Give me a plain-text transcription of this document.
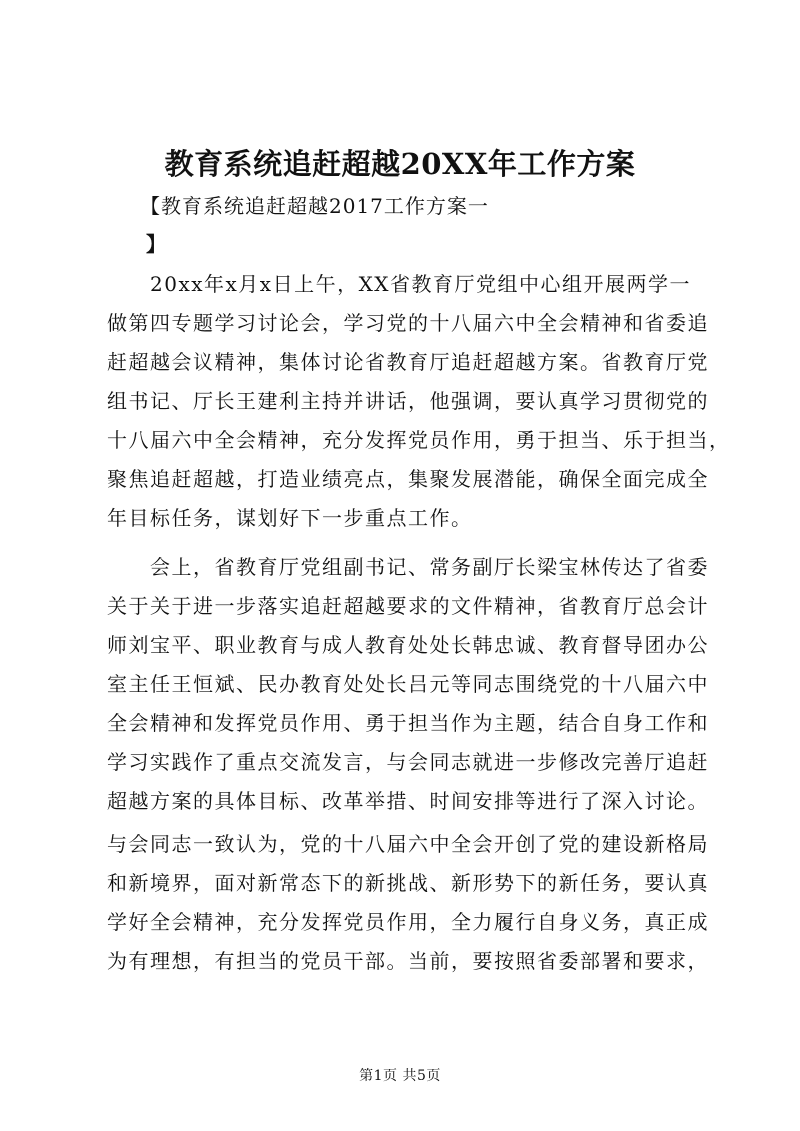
教育系统追赶超越20XX年工作方案
【教育系统追赶超越2017工作方案一
】
20xx年x月x日上午，XX省教育厅党组中心组开展两学一
做第四专题学习讨论会，学习党的十八届六中全会精神和省委追
赶超越会议精神，集体讨论省教育厅追赶超越方案。省教育厅党
组书记、厅长王建利主持并讲话，他强调，要认真学习贯彻党的
十八届六中全会精神，充分发挥党员作用，勇于担当、乐于担当，
聚焦追赶超越，打造业绩亮点，集聚发展潜能，确保全面完成全
年目标任务，谋划好下一步重点工作。
会上，省教育厅党组副书记、常务副厅长梁宝林传达了省委
关于关于进一步落实追赶超越要求的文件精神，省教育厅总会计
师刘宝平、职业教育与成人教育处处长韩忠诚、教育督导团办公
室主任王恒斌、民办教育处处长吕元等同志围绕党的十八届六中
全会精神和发挥党员作用、勇于担当作为主题，结合自身工作和
学习实践作了重点交流发言，与会同志就进一步修改完善厅追赶
超越方案的具体目标、改革举措、时间安排等进行了深入讨论。
与会同志一致认为，党的十八届六中全会开创了党的建设新格局
和新境界，面对新常态下的新挑战、新形势下的新任务，要认真
学好全会精神，充分发挥党员作用，全力履行自身义务，真正成
为有理想，有担当的党员干部。当前，要按照省委部署和要求，
第1页 共5页
